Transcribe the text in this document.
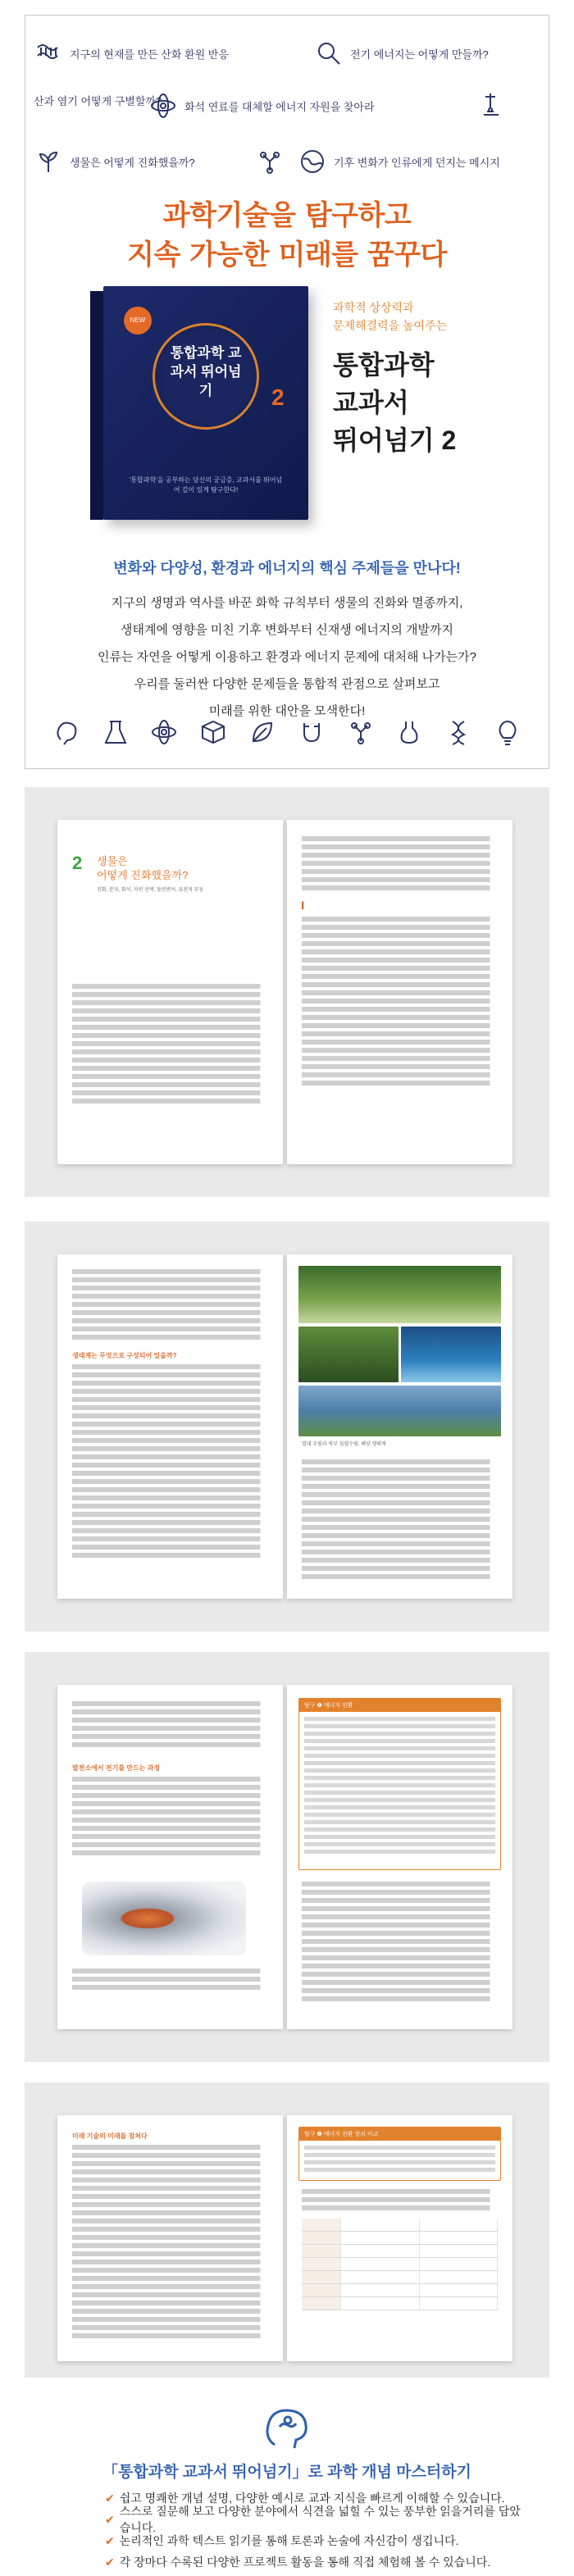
지구의 현재를 만든 산화 환원 반응	전기 에너지는 어떻게 만들까?
산과 염기 어떻게 구별할까? 화석 연료를 대체할 에너지 자원을 찾아라
생물은 어떻게 진화했을까?	기후 변화가 인류에게 던지는 메시지
과학기술을 탐구하고
지속 가능한 미래를 꿈꾸다
NEW
통합과학 교과서 뛰어넘기	2
'통합과학'을 공부하는 당신의 궁금증, 교과서를 뛰어넘어 깊이 있게 탐구한다!
과학적 상상력과
문제해결력을 높여주는
통합과학
교과서
뛰어넘기 2
변화와 다양성, 환경과 에너지의 핵심 주제들을 만나다!
지구의 생명과 역사를 바꾼 화학 규칙부터 생물의 진화와 멸종까지,
생태계에 영향을 미친 기후 변화부터 신재생 에너지의 개발까지
인류는 자연을 어떻게 이용하고 환경과 에너지 문제에 대처해 나가는가?
우리를 둘러싼 다양한 문제들을 통합적 관점으로 살펴보고
미래를 위한 대안을 모색한다!
2 생물은
어떻게 진화했을까?
진화, 분자, 화석, 자연 선택, 돌연변이, 유전적 부동
▍
생태계는 무엇으로 구성되어 있을까?
열대 우림과 북부 침엽수림, 해양 생태계
발전소에서 전기를 만드는 과정
탐구 ❶ 에너지 전환
미래 기술의 미래를 점쳐다	탐구 ❷ 에너지 전환 장치 비교
「통합과학 교과서 뛰어넘기」로 과학 개념 마스터하기
✔ 쉽고 명쾌한 개념 설명, 다양한 예시로 교과 지식을 빠르게 이해할 수 있습니다.
✔
스스로 질문해 보고 다양한 분야에서 식견을 넓힐 수 있는 풍부한 읽을거리를 담았습니다.
✔ 논리적인 과학 텍스트 읽기를 통해 토론과 논술에 자신감이 생깁니다.
✔ 각 장마다 수록된 다양한 프로젝트 활동을 통해 직접 체험해 볼 수 있습니다.
